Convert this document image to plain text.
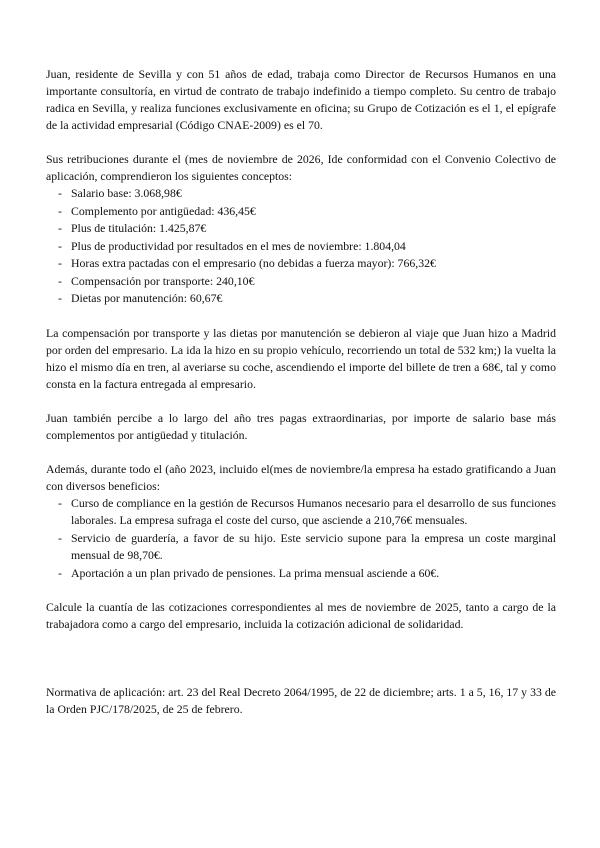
Juan, residente de Sevilla y con 51 años de edad, trabaja como Director de Recursos Humanos en una importante consultoría, en virtud de contrato de trabajo indefinido a tiempo completo. Su centro de trabajo radica en Sevilla, y realiza funciones exclusivamente en oficina; su Grupo de Cotización es el 1, el epígrafe de la actividad empresarial (Código CNAE-2009) es el 70.

Sus retribuciones durante el (mes de noviembre de 2026, Ide conformidad con el Convenio Colectivo de aplicación, comprendieron los siguientes conceptos:

- Salario base: 3.068,98€
- Complemento por antigüedad: 436,45€
- Plus de titulación: 1.425,87€
- Plus de productividad por resultados en el mes de noviembre: 1.804,04
- Horas extra pactadas con el empresario (no debidas a fuerza mayor): 766,32€
- Compensación por transporte: 240,10€
- Dietas por manutención: 60,67€

La compensación por transporte y las dietas por manutención se debieron al viaje que Juan hizo a Madrid por orden del empresario. La ida la hizo en su propio vehículo, recorriendo un total de 532 km;) la vuelta la hizo el mismo día en tren, al averiarse su coche, ascendiendo el importe del billete de tren a 68€, tal y como consta en la factura entregada al empresario.

Juan también percibe a lo largo del año tres pagas extraordinarias, por importe de salario base más complementos por antigüedad y titulación.

Además, durante todo el (año 2023, incluido el(mes de noviembre/la empresa ha estado gratificando a Juan con diversos beneficios:

- Curso de compliance en la gestión de Recursos Humanos necesario para el desarrollo de sus funciones laborales. La empresa sufraga el coste del curso, que asciende a 210,76€ mensuales.
- Servicio de guardería, a favor de su hijo. Este servicio supone para la empresa un coste marginal mensual de 98,70€.
- Aportación a un plan privado de pensiones. La prima mensual asciende a 60€.

Calcule la cuantía de las cotizaciones correspondientes al mes de noviembre de 2025, tanto a cargo de la trabajadora como a cargo del empresario, incluida la cotización adicional de solidaridad.

Normativa de aplicación: art. 23 del Real Decreto 2064/1995, de 22 de diciembre; arts. 1 a 5, 16, 17 y 33 de la Orden PJC/178/2025, de 25 de febrero.
